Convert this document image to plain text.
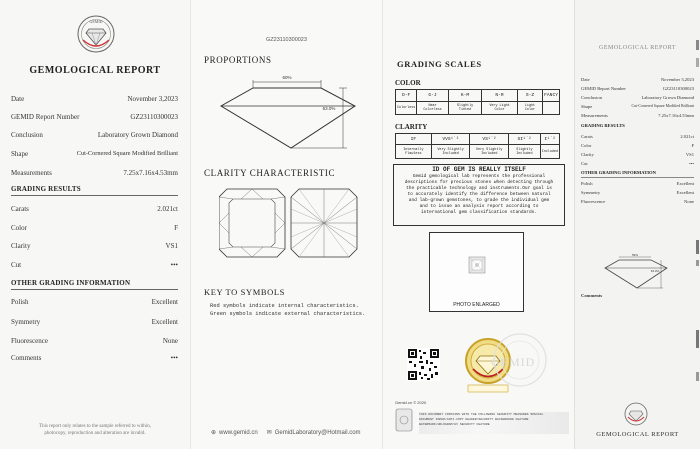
GEMID
GEMOLOGICAL REPORT
Date	November 3,2023
GEMID Report Number	GZ23110300023
Conclusion	Laboratory Grown Diamond
Shape	Cut-Cornered Square Modified Brilliant
Measurements	7.25x7.16x4.53mm
GRADING RESULTS
Carats	2.021ct
Color	F
Clarity	VS1
Cut	•••
OTHER GRADING INFORMATION
Polish	Excellent
Symmetry	Excellent
Fluorescence	None
Comments	•••
This report only relates to the sample referred to within,
photocopy, reproduction and alteration are invalid.
GZ23110300023
PROPORTIONS
60%
63.0%
CLARITY CHARACTERISTIC
KEY TO SYMBOLS
Red symbols indicate internal characteristics.
Green symbols indicate external characteristics.
⊕ www.gemid.cn ✉ GemidLaboratory@Hotmail.com
GRADING SCALES
COLOR
D-F	G-J	K-M	N-R	S-Z	FANCY
Colorless	Near Colorless	Slightly Tinted	Very Light Color	Light Color	
CLARITY
IF	VVS¹˙²	VS¹˙²	SI¹˙²	I¹˙²
Internally Flawless	Very Slightly Included	Very Slightly Included	Slightly Included	Included
ID OF GEM IS REALLY ITSELF
Gemid gemological lab represents the professional
descriptions for precious stones when detecting through
the practicable technology and instruments.Our goal is
to accurately identify the difference between natural
and lab-grown gemstones, to grade the individual gem
and to issue an analysis report according to
international gem classification standards.
PHOTO ENLARGED
GEMID
Gemid.cn © 2020
THIS DOCUMENT CONTAINS WITH THE FOLLOWING SECURITY MEASURES SPECIAL
DOCUMENT PAPER/ANTI-COPY HEADER/SECURITY BACKGROUND FEATURE
WATERMARK/HOLOGRAM/UV SECURITY FEATURE
GEMOLOGICAL REPORT
Date	November 3,2023
GEMID Report Number	GZ23110300023
Conclusion	Laboratory Grown Diamond
Shape	Cut-Cornered Square Modified Brilliant
Measurements	7.25x7.16x4.53mm
GRADING RESULTS
Carats	2.021ct
Color	F
Clarity	VS1
Cut	•••
OTHER GRADING INFORMATION
Polish	Excellent
Symmetry	Excellent
Fluorescence	None
59%
63.0%
Comments
GEMOLOGICAL REPORT
